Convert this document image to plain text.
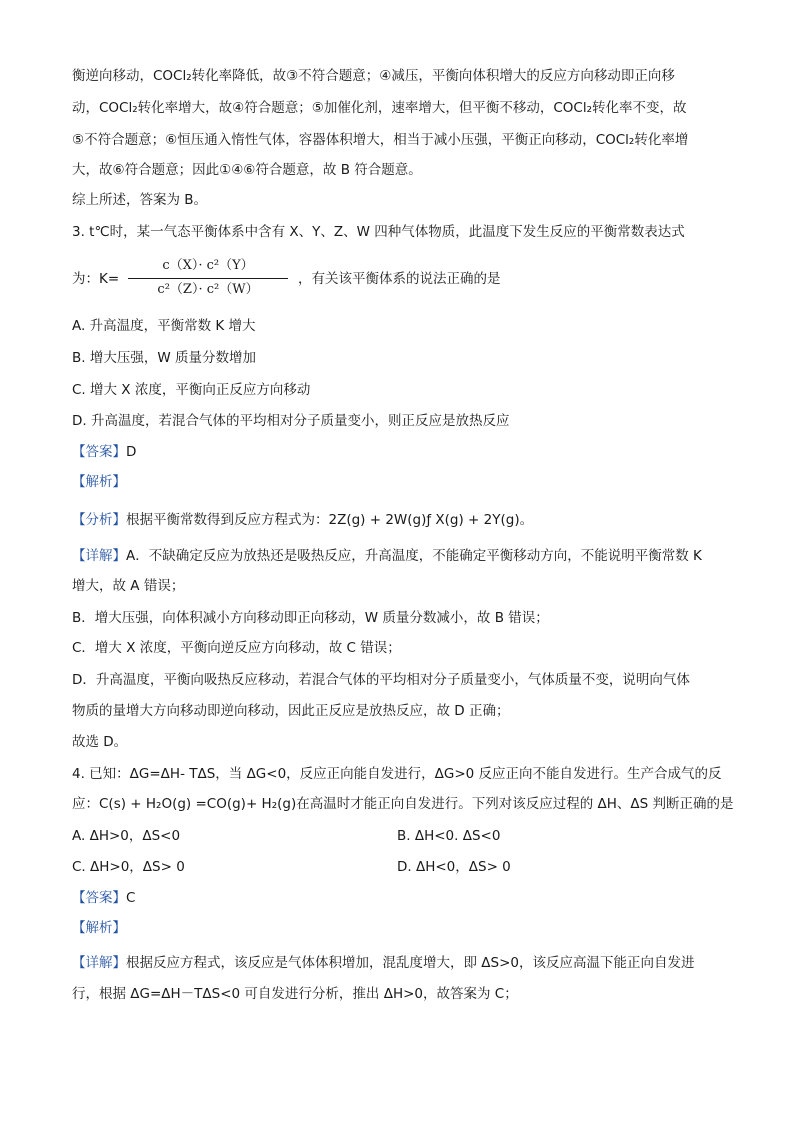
衡逆向移动，COCl₂转化率降低，故③不符合题意；④减压，平衡向体积增大的反应方向移动即正向移
动，COCl₂转化率增大，故④符合题意；⑤加催化剂，速率增大，但平衡不移动，COCl₂转化率不变，故
⑤不符合题意；⑥恒压通入惰性气体，容器体积增大，相当于减小压强，平衡正向移动，COCl₂转化率增
大，故⑥符合题意；因此①④⑥符合题意，故 B 符合题意。
综上所述，答案为 B。
3. t℃时，某一气态平衡体系中含有 X、Y、Z、W 四种气体物质，此温度下发生反应的平衡常数表达式
为：K=
c（X）· c²（Y）
c²（Z）· c²（W）
，有关该平衡体系的说法正确的是
A. 升高温度，平衡常数 K 增大
B. 增大压强，W 质量分数增加
C. 增大 X 浓度，平衡向正反应方向移动
D. 升高温度，若混合气体的平均相对分子质量变小，则正反应是放热反应
【答案】D
【解析】
【分析】根据平衡常数得到反应方程式为：2Z(g) + 2W(g)ƒ X(g) + 2Y(g)。
【详解】A．不缺确定反应为放热还是吸热反应，升高温度，不能确定平衡移动方向，不能说明平衡常数 K
增大，故 A 错误；
B．增大压强，向体积减小方向移动即正向移动，W 质量分数减小，故 B 错误；
C．增大 X 浓度，平衡向逆反应方向移动，故 C 错误；
D．升高温度，平衡向吸热反应移动，若混合气体的平均相对分子质量变小，气体质量不变，说明向气体
物质的量增大方向移动即逆向移动，因此正反应是放热反应，故 D 正确；
故选 D。
4. 已知：ΔG=ΔH- TΔS，当 ΔG<0，反应正向能自发进行，ΔG>0 反应正向不能自发进行。生产合成气的反
应：C(s) + H₂O(g) =CO(g)+ H₂(g)在高温时才能正向自发进行。下列对该反应过程的 ΔH、ΔS 判断正确的是
A. ΔH>0，ΔS<0	B. ΔH<0. ΔS<0
C. ΔH>0，ΔS> 0	D. ΔH<0，ΔS> 0
【答案】C
【解析】
【详解】根据反应方程式，该反应是气体体积增加，混乱度增大，即 ΔS>0，该反应高温下能正向自发进
行，根据 ΔG=ΔH－TΔS<0 可自发进行分析，推出 ΔH>0，故答案为 C；
